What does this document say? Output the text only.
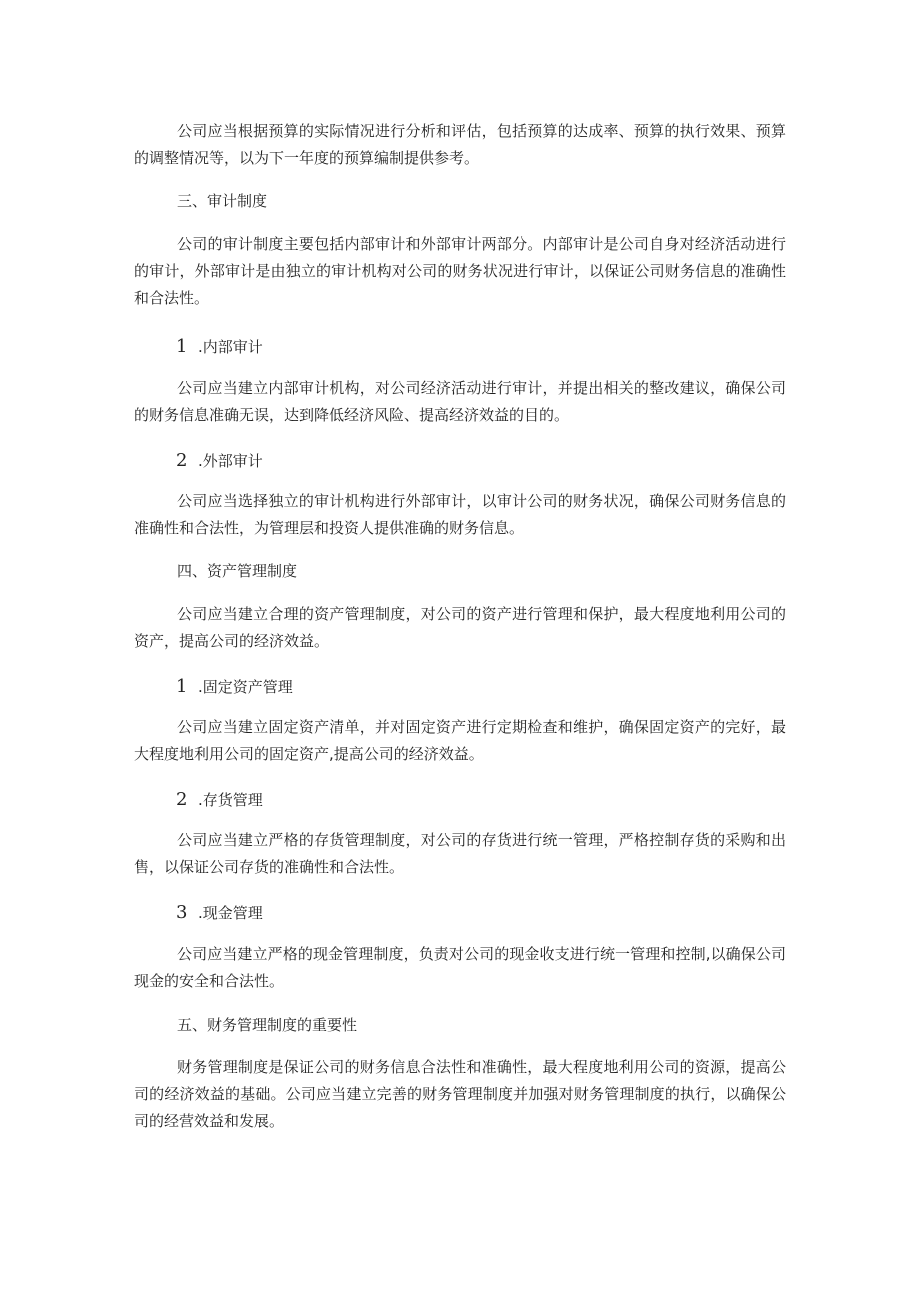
公司应当根据预算的实际情况进行分析和评估，包括预算的达成率、预算的执行效果、预算的调整情况等，以为下一年度的预算编制提供参考。

三、审计制度

公司的审计制度主要包括内部审计和外部审计两部分。内部审计是公司自身对经济活动进行的审计，外部审计是由独立的审计机构对公司的财务状况进行审计，以保证公司财务信息的准确性和合法性。

1 .内部审计

公司应当建立内部审计机构，对公司经济活动进行审计，并提出相关的整改建议，确保公司的财务信息准确无误，达到降低经济风险、提高经济效益的目的。

2 .外部审计

公司应当选择独立的审计机构进行外部审计，以审计公司的财务状况，确保公司财务信息的准确性和合法性，为管理层和投资人提供准确的财务信息。

四、资产管理制度

公司应当建立合理的资产管理制度，对公司的资产进行管理和保护，最大程度地利用公司的资产，提高公司的经济效益。

1 .固定资产管理

公司应当建立固定资产清单，并对固定资产进行定期检查和维护，确保固定资产的完好，最大程度地利用公司的固定资产,提高公司的经济效益。

2 .存货管理

公司应当建立严格的存货管理制度，对公司的存货进行统一管理，严格控制存货的采购和出售，以保证公司存货的准确性和合法性。

3 .现金管理

公司应当建立严格的现金管理制度，负责对公司的现金收支进行统一管理和控制,以确保公司现金的安全和合法性。

五、财务管理制度的重要性

财务管理制度是保证公司的财务信息合法性和准确性，最大程度地利用公司的资源，提高公司的经济效益的基础。公司应当建立完善的财务管理制度并加强对财务管理制度的执行，以确保公司的经营效益和发展。
